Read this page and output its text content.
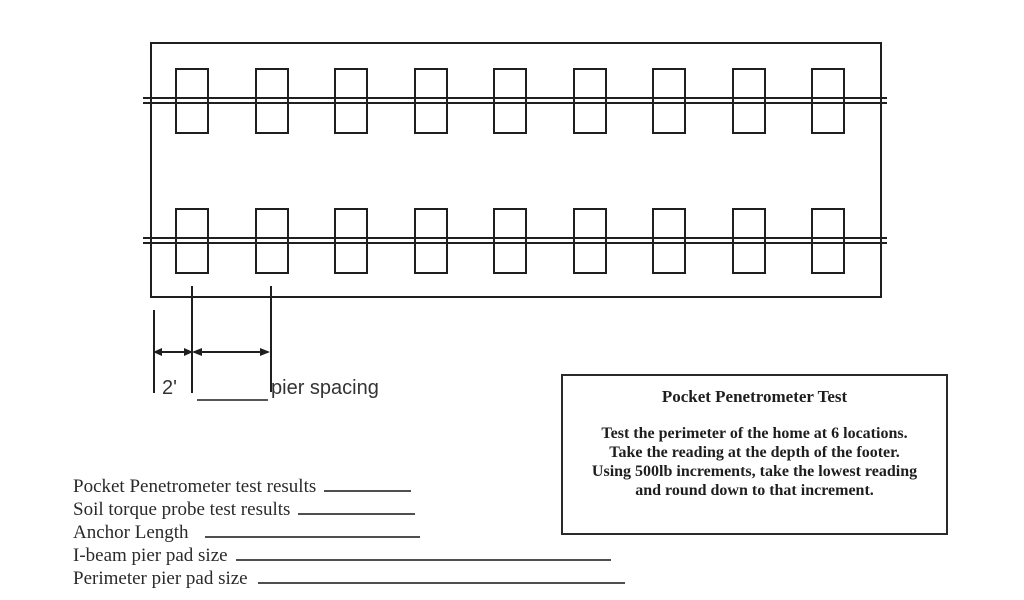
2'	pier spacing	Pocket Penetrometer Test
Test the perimeter of the home at 6 locations.
Take the reading at the depth of the footer.
Using 500lb increments, take the lowest reading
and round down to that increment.
Pocket Penetrometer test results
Soil torque probe test results
Anchor Length
I-beam pier pad size
Perimeter pier pad size
